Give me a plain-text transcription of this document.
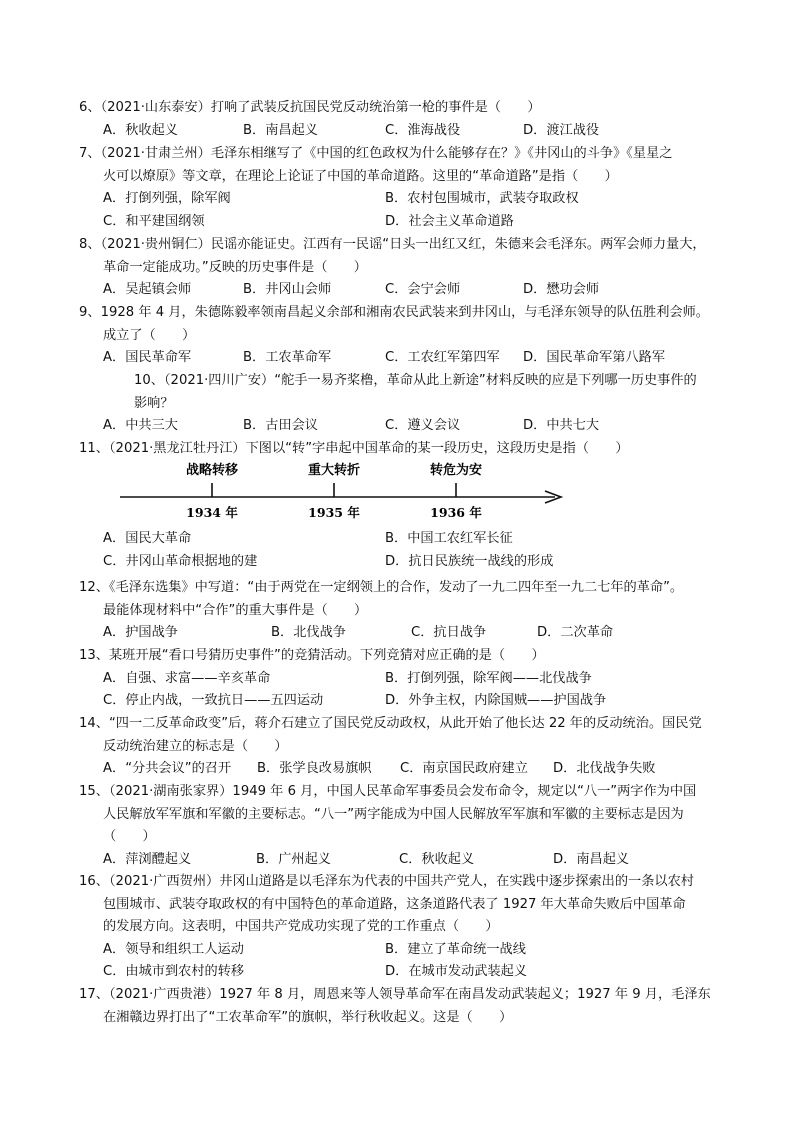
6、（2021·山东泰安）打响了武装反抗国民党反动统治第一枪的事件是（　　）
A．秋收起义	B．南昌起义	C．淮海战役	D．渡江战役
7、（2021·甘肃兰州）毛泽东相继写了《中国的红色政权为什么能够存在？》《井冈山的斗争》《星星之
火可以燎原》等文章，在理论上论证了中国的革命道路。这里的“革命道路”是指（　　）
A．打倒列强，除军阀	B．农村包围城市，武装夺取政权
C．和平建国纲领	D．社会主义革命道路
8、（2021·贵州铜仁）民谣亦能证史。江西有一民谣“日头一出红又红，朱德来会毛泽东。两军会师力量大，
革命一定能成功。”反映的历史事件是（　　）
A．吴起镇会师	B．井冈山会师	C．会宁会师	D．懋功会师
9、1928 年 4 月，朱德陈毅率领南昌起义余部和湘南农民武装来到井冈山，与毛泽东领导的队伍胜利会师。
成立了（　　）
A．国民革命军	B．工农革命军	C．工农红军第四军 D．国民革命军第八路军
10、（2021·四川广安）“舵手一易齐桨橹，革命从此上新途”材料反映的应是下列哪一历史事件的
影响？
A．中共三大	B．古田会议	C．遵义会议	D．中共七大
11、（2021·黑龙江牡丹江）下图以“转”字串起中国革命的某一段历史，这段历史是指（　　）
A．国民大革命	B．中国工农红军长征
C．井冈山革命根据地的建	D．抗日民族统一战线的形成
12、《毛泽东选集》中写道：“由于两党在一定纲领上的合作，发动了一九二四年至一九二七年的革命”。
最能体现材料中“合作”的重大事件是（　　）
A．护国战争	B．北伐战争	C．抗日战争	D．二次革命
13、某班开展“看口号猜历史事件”的竞猜活动。下列竞猜对应正确的是（　　）
A．自强、求富——辛亥革命	B．打倒列强，除军阀——北伐战争
C．停止内战，一致抗日——五四运动	D．外争主权，内除国贼——护国战争
14、“四一二反革命政变”后，蒋介石建立了国民党反动政权，从此开始了他长达 22 年的反动统治。国民党
反动统治建立的标志是（　　）
A．“分共会议”的召开 B．张学良改易旗帜 C．南京国民政府建立 D．北伐战争失败
15、（2021·湖南张家界）1949 年 6 月，中国人民革命军事委员会发布命令，规定以“八一”两字作为中国
人民解放军军旗和军徽的主要标志。“八一”两字能成为中国人民解放军军旗和军徽的主要标志是因为
（　　）
A．萍浏醴起义	B．广州起义	C．秋收起义	D．南昌起义
16、（2021·广西贺州）井冈山道路是以毛泽东为代表的中国共产党人，在实践中逐步探索出的一条以农村
包围城市、武装夺取政权的有中国特色的革命道路，这条道路代表了 1927 年大革命失败后中国革命
的发展方向。这表明，中国共产党成功实现了党的工作重点（　　）
A．领导和组织工人运动	B．建立了革命统一战线
C．由城市到农村的转移	D．在城市发动武装起义
17、（2021·广西贵港）1927 年 8 月，周恩来等人领导革命军在南昌发动武装起义；1927 年 9 月，毛泽东
在湘赣边界打出了“工农革命军”的旗帜，举行秋收起义。这是（　　）
战略转移
1934 年
重大转折
1935 年
转危为安
1936 年
